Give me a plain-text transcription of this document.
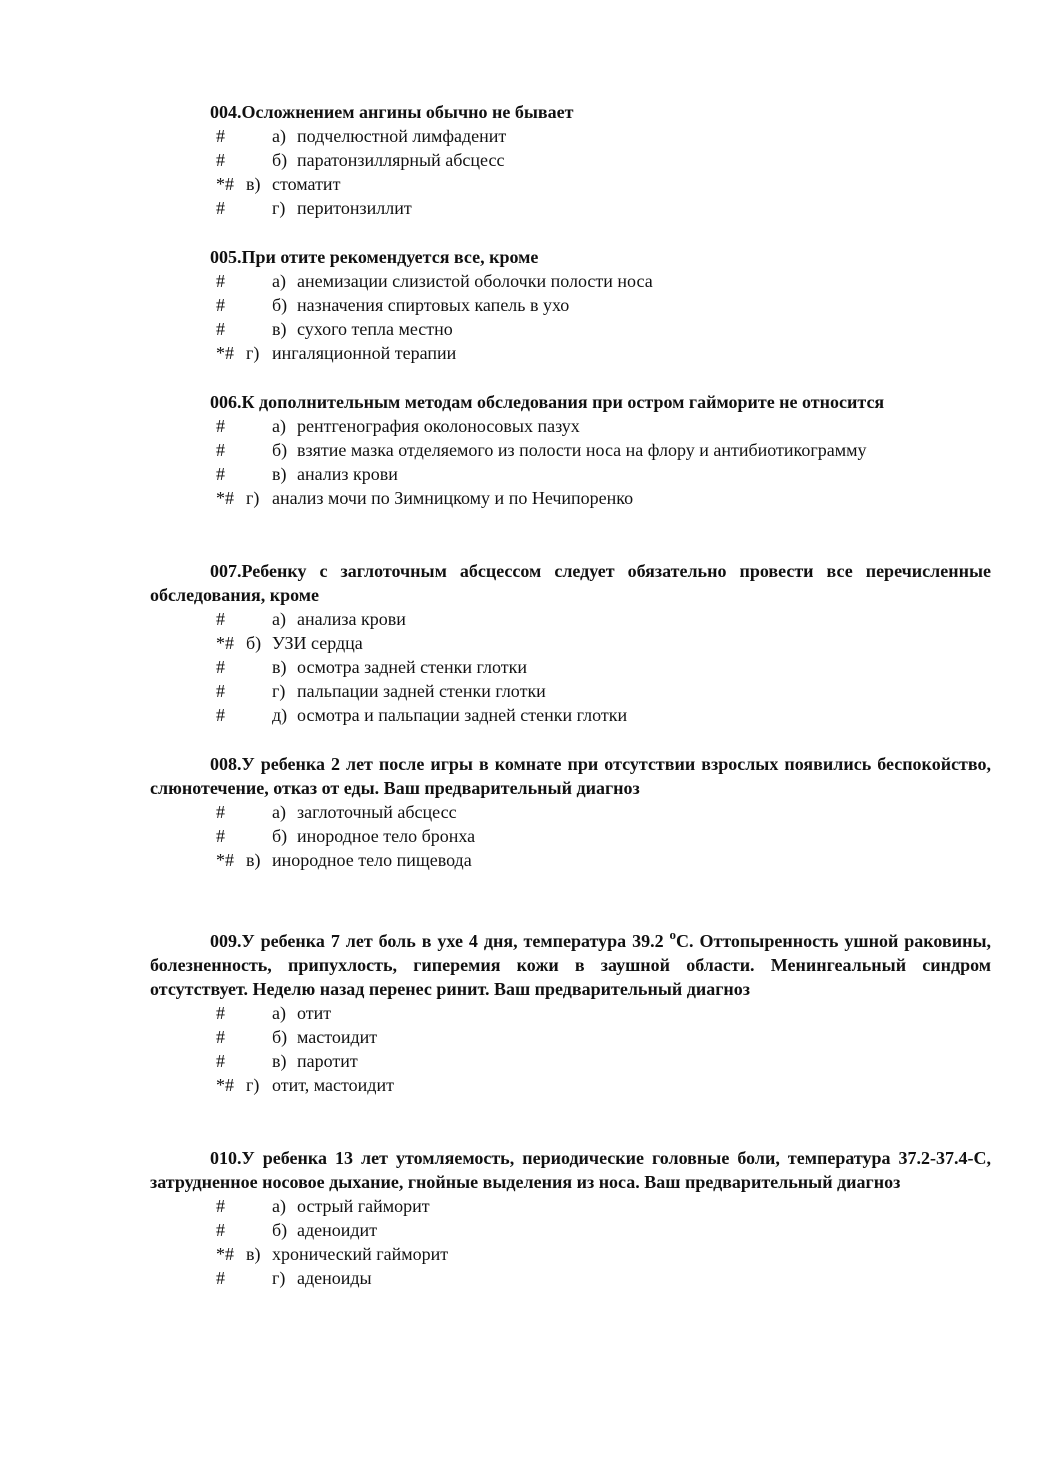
004.Осложнением ангины обычно не бывает

#	а) подчелюстной лимфаденит
#	б) паратонзиллярный абсцесс
*# в) стоматит
#	г) перитонзиллит

005.При отите рекомендуется все, кроме

#	а) анемизации слизистой оболочки полости носа
#	б) назначения спиртовых капель в ухо
#	в) сухого тепла местно
*# г) ингаляционной терапии

006.К дополнительным методам обследования при остром гайморите не относится

#	а) рентгенография околоносовых пазух
#	б) взятие мазка отделяемого из полости носа на флору и антибиотикограмму
#	в) анализ крови
*# г) анализ мочи по Зимницкому и по Нечипоренко

007.Ребенку с заглоточным абсцессом следует обязательно провести все перечисленные обследования, кроме

#	а) анализа крови
*# б) УЗИ сердца
#	в) осмотра задней стенки глотки
#	г) пальпации задней стенки глотки
#	д) осмотра и пальпации задней стенки глотки

008.У ребенка 2 лет после игры в комнате при отсутствии взрослых появились беспокойство, слюнотечение, отказ от еды. Ваш предварительный диагноз

#	а) заглоточный абсцесс
#	б) инородное тело бронха
*# в) инородное тело пищевода

009.У ребенка 7 лет боль в ухе 4 дня, температура 39.2 $^o$С. Оттопыренность ушной раковины, болезненность, припухлость, гиперемия кожи в заушной области. Менингеальный синдром отсутствует. Неделю назад перенес ринит. Ваш предварительный диагноз

#	а) отит
#	б) мастоидит
#	в) паротит
*# г) отит, мастоидит

010.У ребенка 13 лет утомляемость, периодические головные боли, температура 37.2-37.4-С, затрудненное носовое дыхание, гнойные выделения из носа. Ваш предварительный диагноз

#	а) острый гайморит
#	б) аденоидит
*# в) хронический гайморит
#	г) аденоиды
